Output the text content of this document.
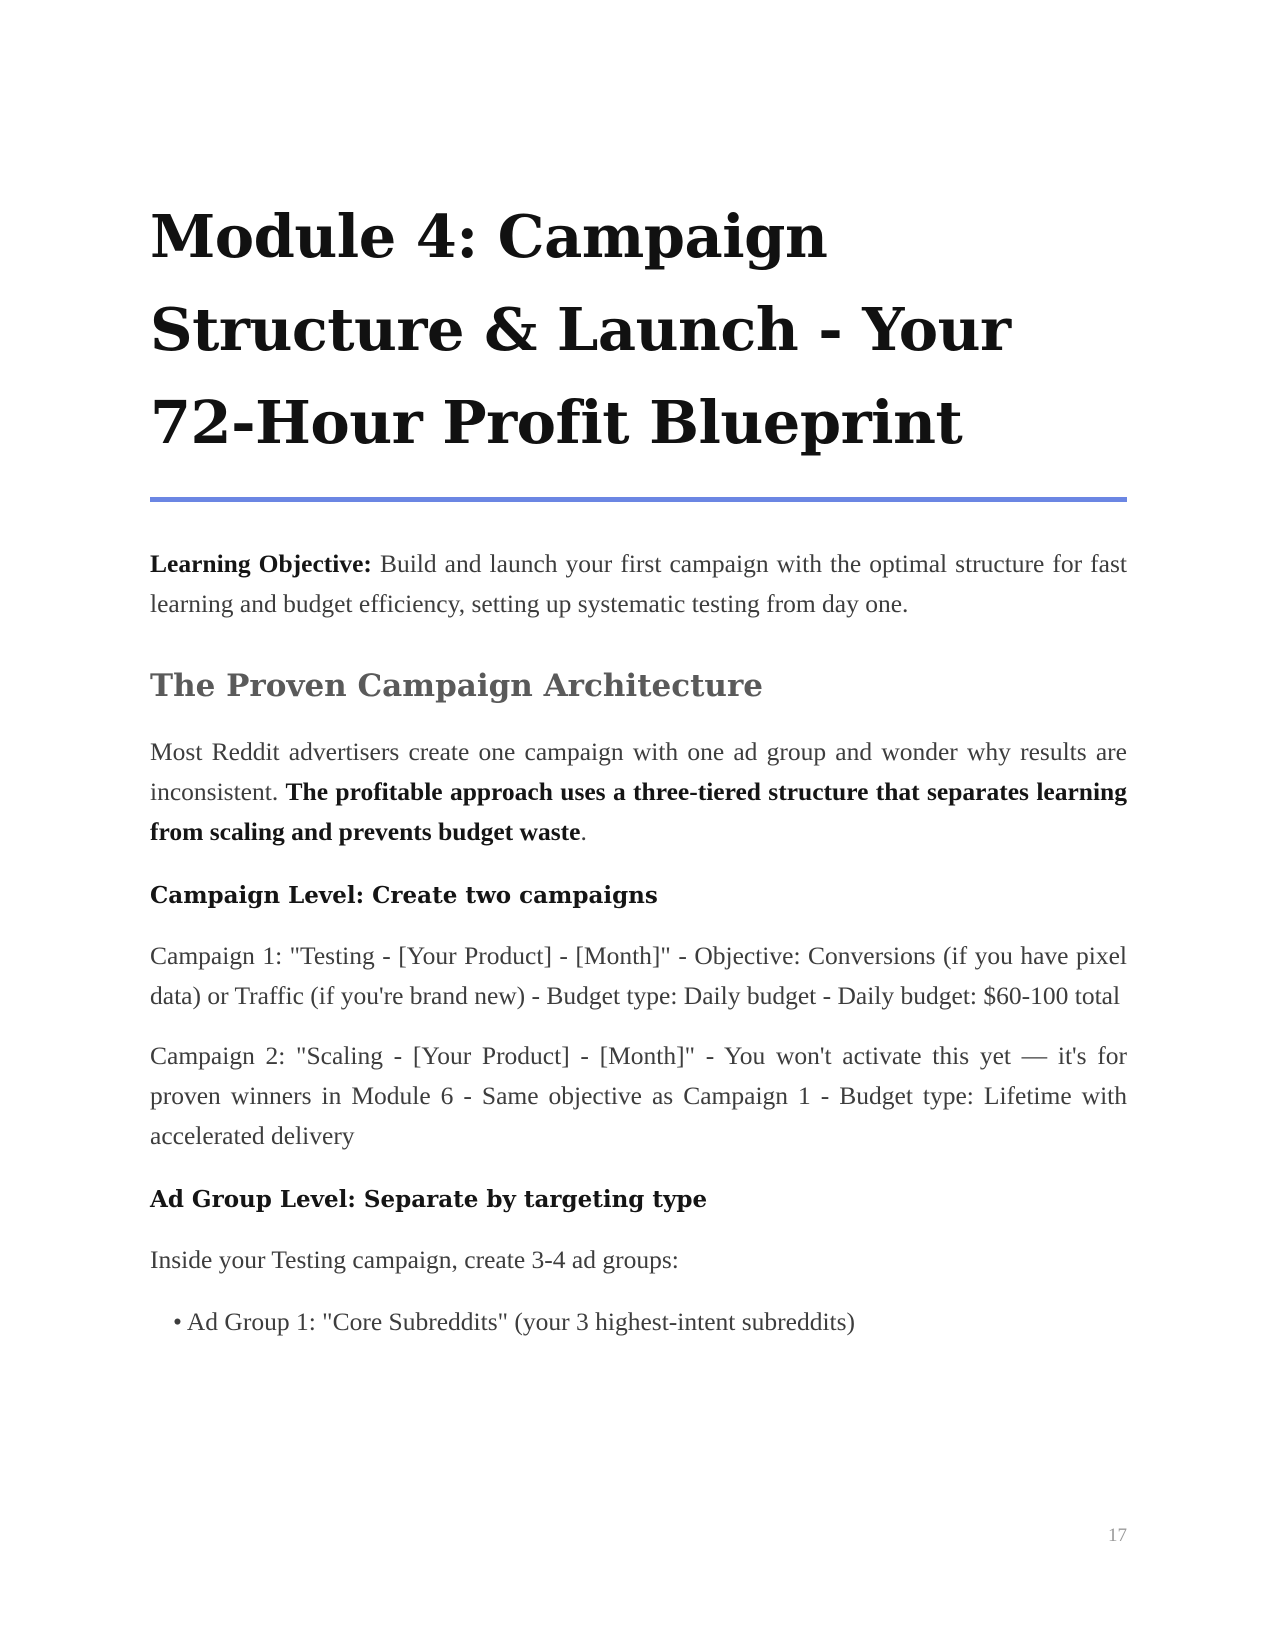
Module 4: Campaign Structure & Launch - Your 72-Hour Profit Blueprint

Learning Objective: Build and launch your first campaign with the optimal structure for fast learning and budget efficiency, setting up systematic testing from day one.

The Proven Campaign Architecture

Most Reddit advertisers create one campaign with one ad group and wonder why results are inconsistent. The profitable approach uses a three-tiered structure that separates learning from scaling and prevents budget waste.

Campaign Level: Create two campaigns

Campaign 1: "Testing - [Your Product] - [Month]" - Objective: Conversions (if you have pixel data) or Traffic (if you're brand new) - Budget type: Daily budget - Daily budget: $60-100 total

Campaign 2: "Scaling - [Your Product] - [Month]" - You won't activate this yet — it's for proven winners in Module 6 - Same objective as Campaign 1 - Budget type: Lifetime with accelerated delivery

Ad Group Level: Separate by targeting type

Inside your Testing campaign, create 3-4 ad groups:

• Ad Group 1: "Core Subreddits" (your 3 highest-intent subreddits)
17
